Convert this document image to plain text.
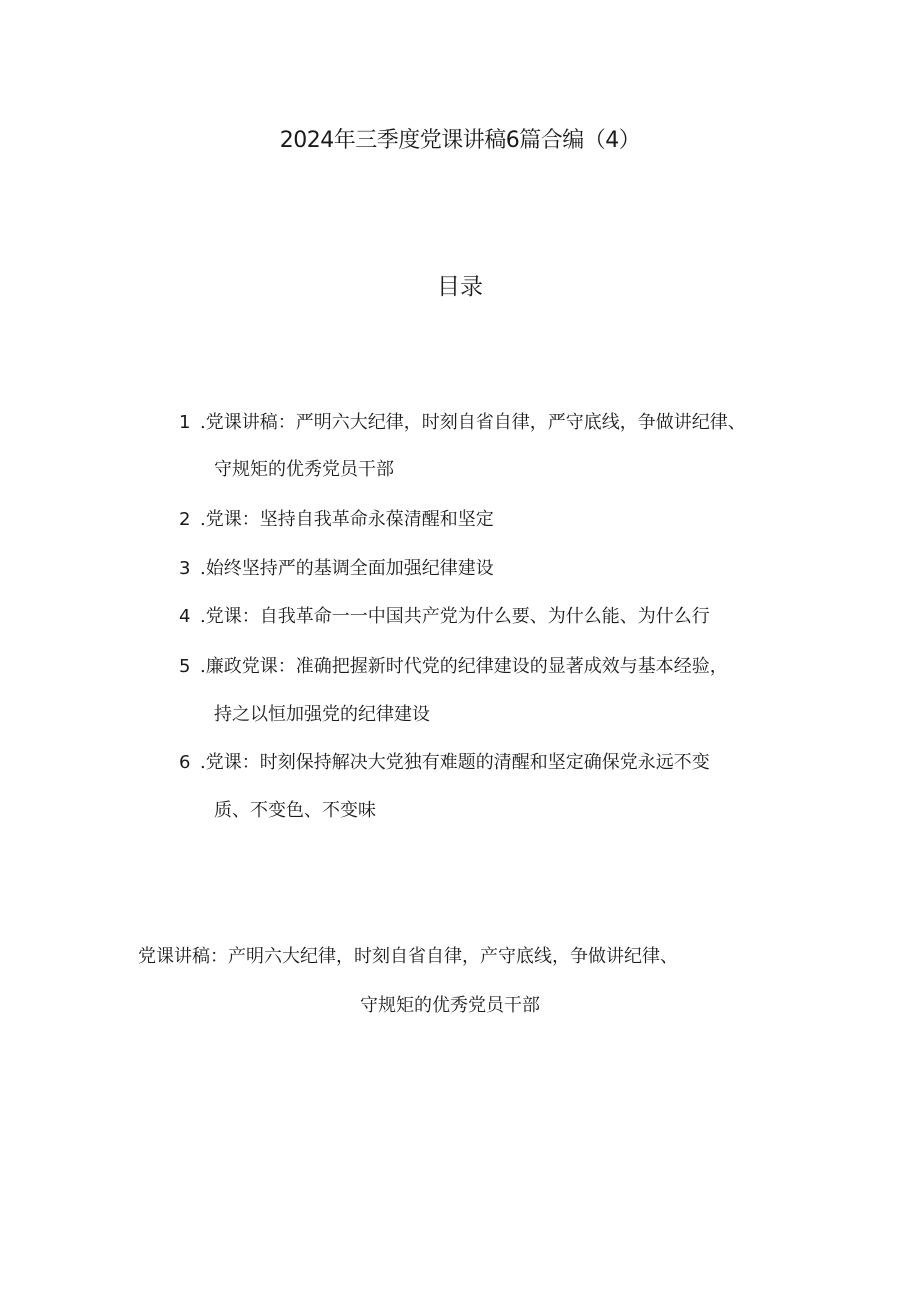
2024年三季度党课讲稿6篇合编（4）
目录
1 .党课讲稿：严明六大纪律，时刻自省自律，严守底线，争做讲纪律、
守规矩的优秀党员干部
2 .党课：坚持自我革命永葆清醒和坚定
3 .始终坚持严的基调全面加强纪律建设
4 .党课：自我革命一一中国共产党为什么要、为什么能、为什么行
5 .廉政党课：准确把握新时代党的纪律建设的显著成效与基本经验，
持之以恒加强党的纪律建设
6 .党课：时刻保持解决大党独有难题的清醒和坚定确保党永远不变
质、不变色、不变味
党课讲稿：产明六大纪律，时刻自省自律，产守底线，争做讲纪律、
守规矩的优秀党员干部
